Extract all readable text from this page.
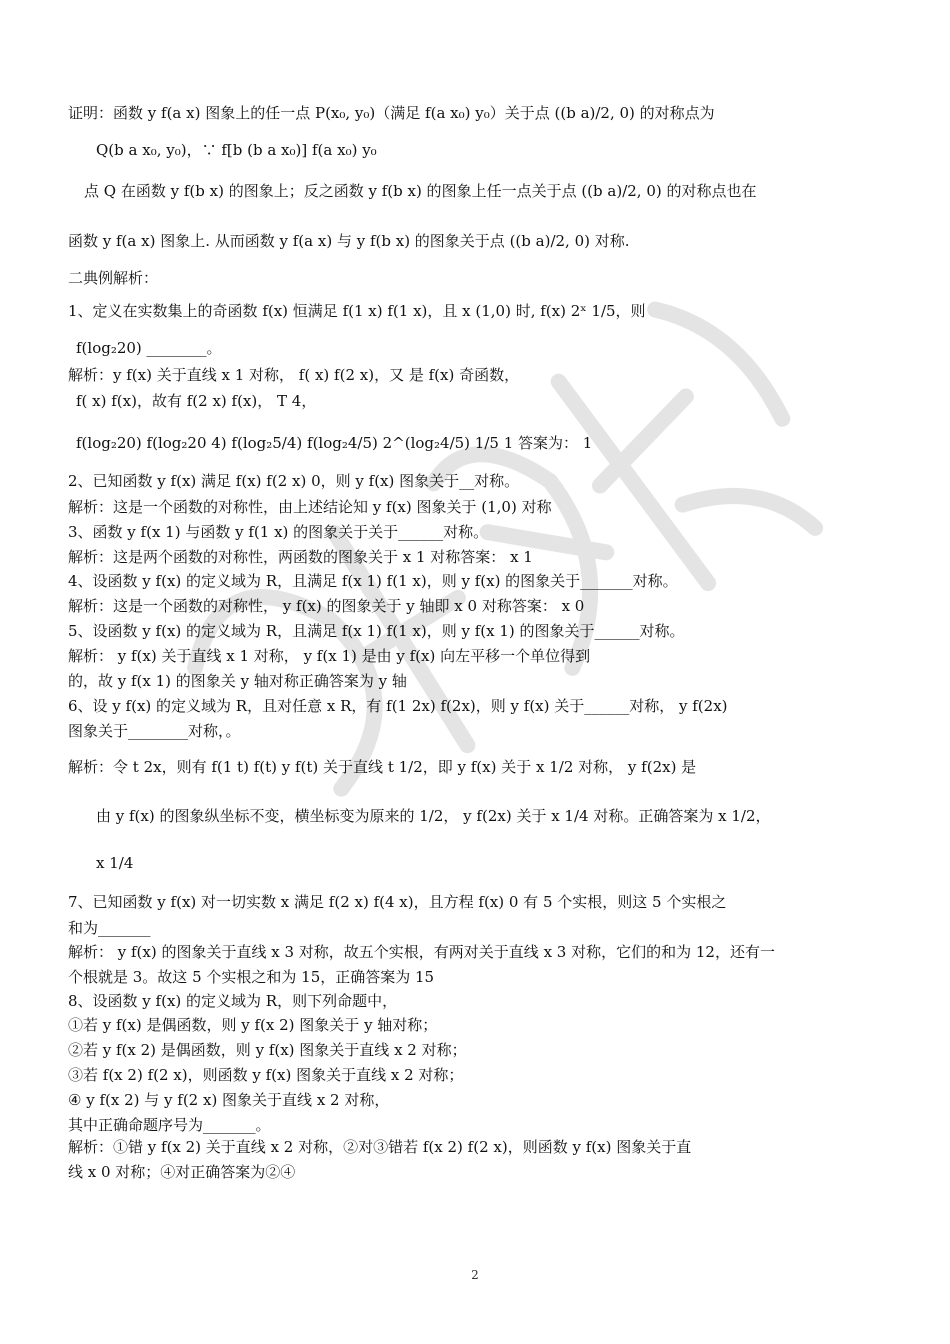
证明：函数 y f(a x) 图象上的任一点 P(x₀, y₀)（满足 f(a x₀) y₀）关于点 ((b a)/2, 0) 的对称点为
Q(b a x₀, y₀)，∵ f[b (b a x₀)] f(a x₀) y₀
点 Q 在函数 y f(b x) 的图象上；反之函数 y f(b x) 的图象上任一点关于点 ((b a)/2, 0) 的对称点也在
函数 y f(a x) 图象上. 从而函数 y f(a x) 与 y f(b x) 的图象关于点 ((b a)/2, 0) 对称.
二典例解析：
1、定义在实数集上的奇函数 f(x) 恒满足 f(1 x) f(1 x)，且 x (1,0) 时, f(x) 2ˣ 1/5，则
f(log₂20) ________。
解析：y f(x) 关于直线 x 1 对称， f( x) f(2 x)，又 是 f(x) 奇函数，
f( x) f(x)，故有 f(2 x) f(x)， T 4，
f(log₂20) f(log₂20 4) f(log₂5/4) f(log₂4/5) 2^(log₂4/5) 1/5 1 答案为： 1
2、已知函数 y f(x) 满足 f(x) f(2 x) 0，则 y f(x) 图象关于__对称。
解析：这是一个函数的对称性，由上述结论知 y f(x) 图象关于 (1,0) 对称
3、函数 y f(x 1) 与函数 y f(1 x) 的图象关于关于______对称。
解析：这是两个函数的对称性，两函数的图象关于 x 1 对称答案： x 1
4、设函数 y f(x) 的定义域为 R，且满足 f(x 1) f(1 x)，则 y f(x) 的图象关于_______对称。
解析：这是一个函数的对称性， y f(x) 的图象关于 y 轴即 x 0 对称答案： x 0
5、设函数 y f(x) 的定义域为 R，且满足 f(x 1) f(1 x)，则 y f(x 1) 的图象关于______对称。
解析： y f(x) 关于直线 x 1 对称， y f(x 1) 是由 y f(x) 向左平移一个单位得到
的，故 y f(x 1) 的图象关 y 轴对称正确答案为 y 轴
6、设 y f(x) 的定义域为 R，且对任意 x R，有 f(1 2x) f(2x)，则 y f(x) 关于______对称， y f(2x)
图象关于________对称，。
解析：令 t 2x，则有 f(1 t) f(t) y f(t) 关于直线 t 1/2，即 y f(x) 关于 x 1/2 对称， y f(2x) 是
由 y f(x) 的图象纵坐标不变，横坐标变为原来的 1/2， y f(2x) 关于 x 1/4 对称。正确答案为 x 1/2，
x 1/4
7、已知函数 y f(x) 对一切实数 x 满足 f(2 x) f(4 x)，且方程 f(x) 0 有 5 个实根，则这 5 个实根之
和为_______
解析： y f(x) 的图象关于直线 x 3 对称，故五个实根，有两对关于直线 x 3 对称，它们的和为 12，还有一
个根就是 3。故这 5 个实根之和为 15，正确答案为 15
8、设函数 y f(x) 的定义域为 R，则下列命题中，
①若 y f(x) 是偶函数，则 y f(x 2) 图象关于 y 轴对称；
②若 y f(x 2) 是偶函数，则 y f(x) 图象关于直线 x 2 对称；
③若 f(x 2) f(2 x)，则函数 y f(x) 图象关于直线 x 2 对称；
④ y f(x 2) 与 y f(2 x) 图象关于直线 x 2 对称，
其中正确命题序号为_______。
解析：①错 y f(x 2) 关于直线 x 2 对称，②对③错若 f(x 2) f(2 x)，则函数 y f(x) 图象关于直
线 x 0 对称；④对正确答案为②④
2
